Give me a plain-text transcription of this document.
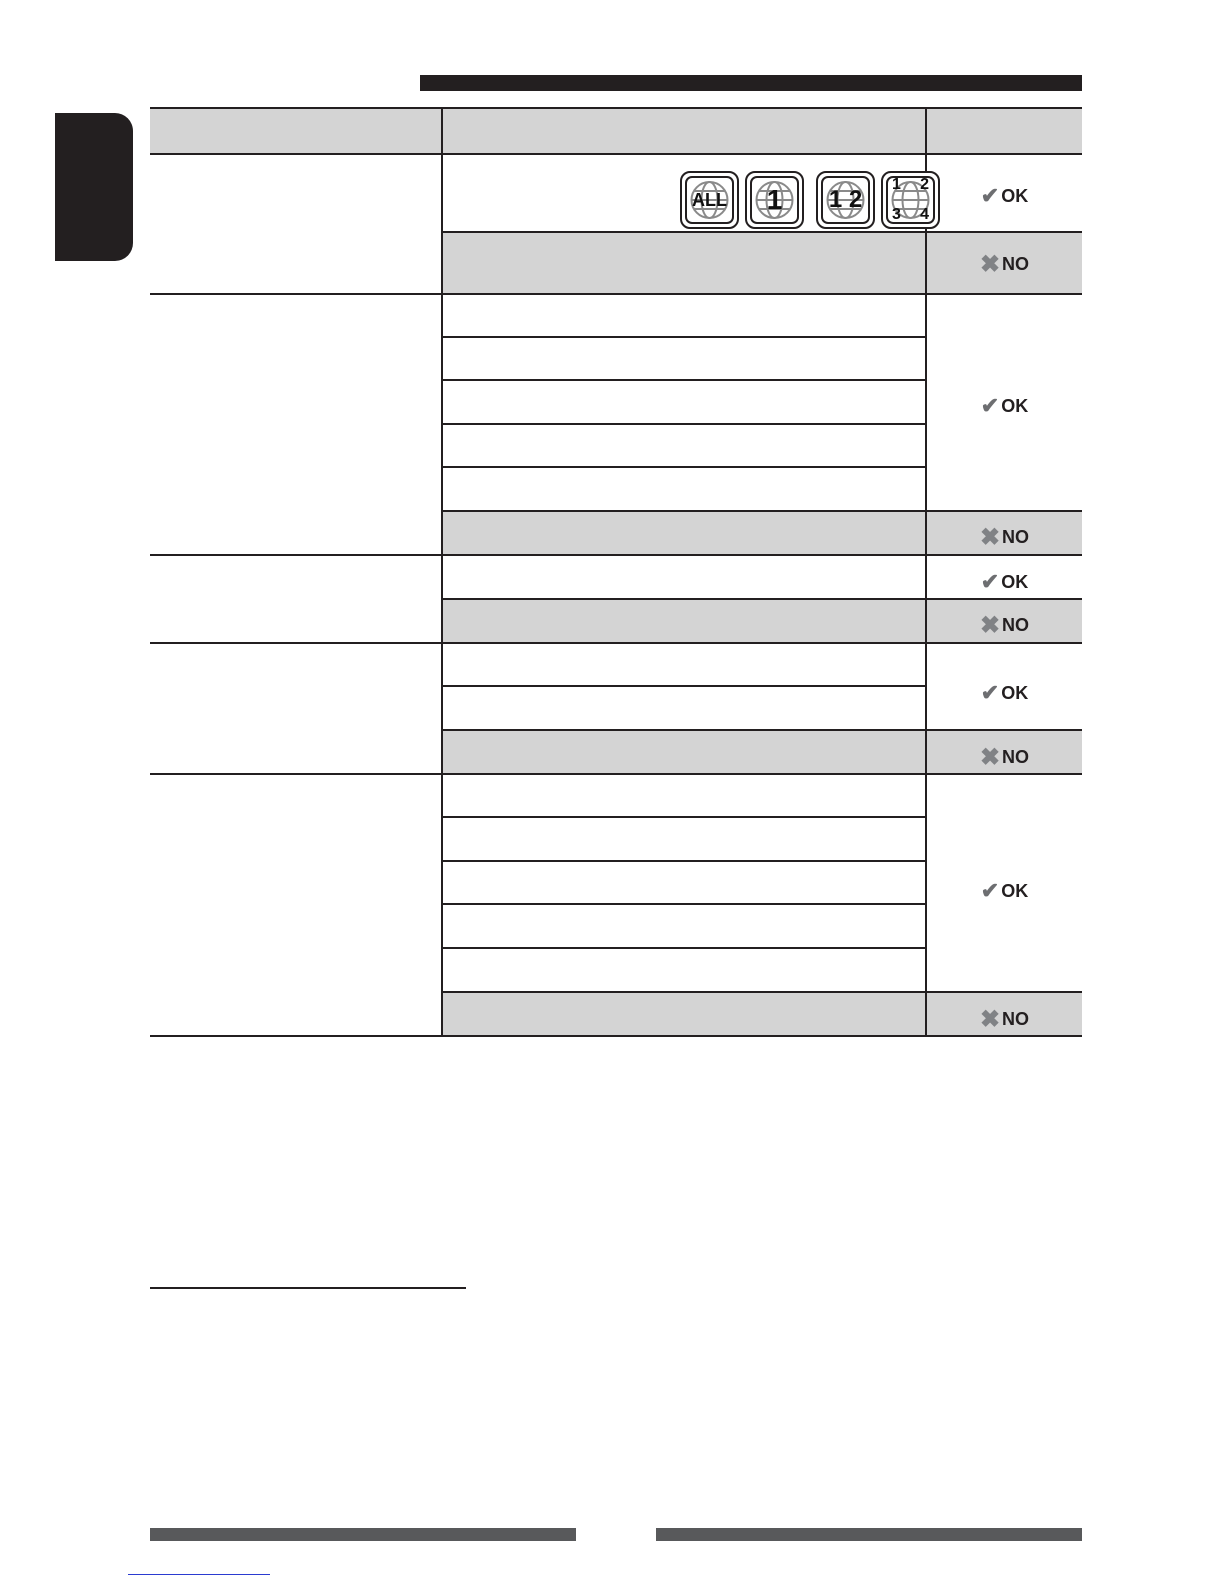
ALL	1	1 2
1 2
3 4
✔ OK
✖ NO
✔ OK
✖ NO
✔ OK
✖ NO
✔ OK
✖ NO
✔ OK
✖ NO
